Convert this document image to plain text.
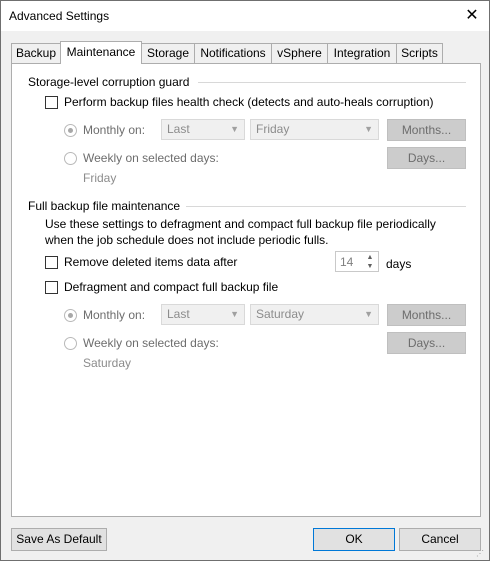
Advanced Settings	✕
Backup Maintenance Storage Notifications vSphere Integration Scripts
Storage-level corruption guard
Perform backup files health check (detects and auto-heals corruption)
Monthly on:	Last	▼	Friday	▼	Months...
Weekly on selected days:	Days...
Friday
Full backup file maintenance
Use these settings to defragment and compact full backup file periodically
when the job schedule does not include periodic fulls.
Remove deleted items data after	14	▲
▼ days
Defragment and compact full backup file
Monthly on:	Last	▼	Saturday	▼	Months...
Weekly on selected days:	Days...
Saturday
Save As Default	OK	Cancel
⋰
